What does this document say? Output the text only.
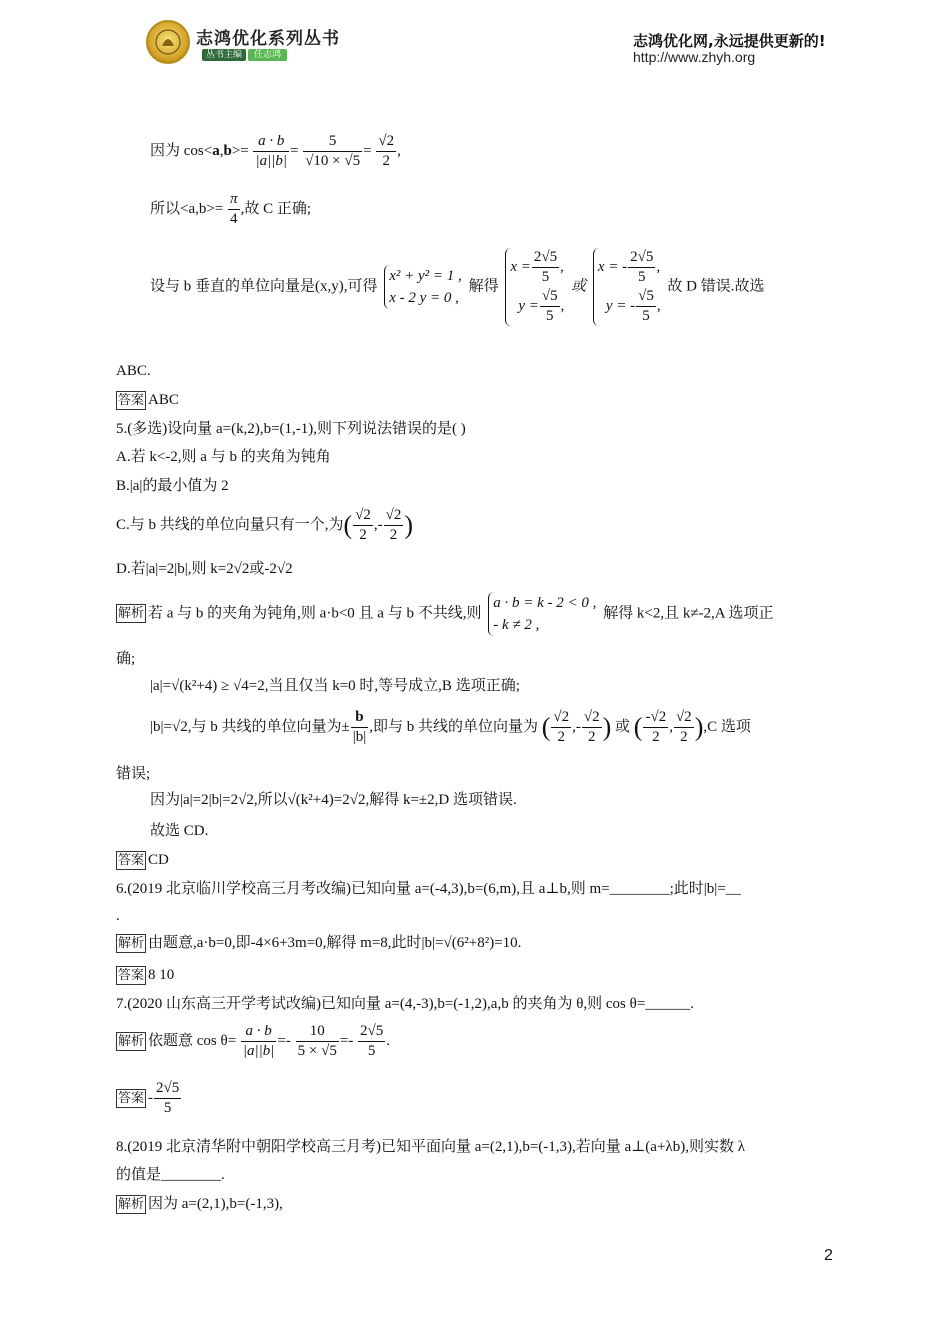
志鸿优化系列丛书
丛书主编 任志鸿
志鸿优化网,永远提供更新的!
http://www.zhyh.org
因为 $\cos<a,b>= \frac{a \cdot b}{|a||b|} = \frac{5}{√10 \times √5} = \frac{√2}{2}$ ,
所以$<a,b>= \frac{\pi}{4}$ ,故 C 正确;
设与 b 垂直的单位向量是(x,y),可得
x² + y² = 1 ,
x - 2 y = 0 ,
解得
$x = \frac{2√5}{5}$ ,
$y = \frac{√5}{5}$ ,
或
x = - $\frac{2√5}{5}$ ,
y = - $\frac{√5}{5}$ ,
故 D 错误.故选
ABC.
答案 ABC
5.(多选)设向量 a=(k,2),b=(1,-1),则下列说法错误的是( )
A.若 k<-2,则 a 与 b 的夹角为钝角
B.|a|的最小值为 2
C.与 b 共线的单位向量只有一个,为( $\frac{√2}{2}$ ,- $\frac{√2}{2}$ )
D.若|a|=2|b|,则 k=2√2或-2√2
解析 若 a 与 b 的夹角为钝角,则 a·b<0 且 a 与 b 不共线,则
a · b = k - 2 < 0 ,
- k ≠ 2 ,
解得 k<2,且 k≠-2,A 选项正
确;
|a|=√(k²+4) ≥ √4=2,当且仅当 k=0 时,等号成立,B 选项正确;
|b|=√2,与 b 共线的单位向量为± $\frac{b}{|b|}$ ,即与 b 共线的单位向量为 ( $\frac{√2}{2}$ ,- $\frac{√2}{2}$ ) 或 ( $\frac{-√2}{2}$ , $\frac{√2}{2} ),C$ 选项
错误;
因为|a|=2|b|=2√2,所以√(k²+4)=2√2,解得 k=±2,D 选项错误.
故选 CD.
答案 CD
6.(2019 北京临川学校高三月考改编)已知向量 a=(-4,3),b=(6,m),且 a⊥b,则 m=________;此时|b|=__
.
解析 由题意,a·b=0,即-4×6+3m=0,解得 m=8,此时|b|=√(6²+8²)=10.
答案 8 10
7.(2020 山东高三开学考试改编)已知向量 a=(4,-3),b=(-1,2),a,b 的夹角为 θ,则 cos θ=______.
解析 依题意 $\cos \theta= \frac{a \cdot b}{|a||b|} =- \frac{10}{5 \times √5} =- \frac{2√5}{5}$ .
答案 - $\frac{2√5}{5}$
8.(2019 北京清华附中朝阳学校高三月考)已知平面向量 a=(2,1),b=(-1,3),若向量 a⊥(a+λb),则实数 λ
的值是________.
解析 因为 a=(2,1),b=(-1,3),
2
